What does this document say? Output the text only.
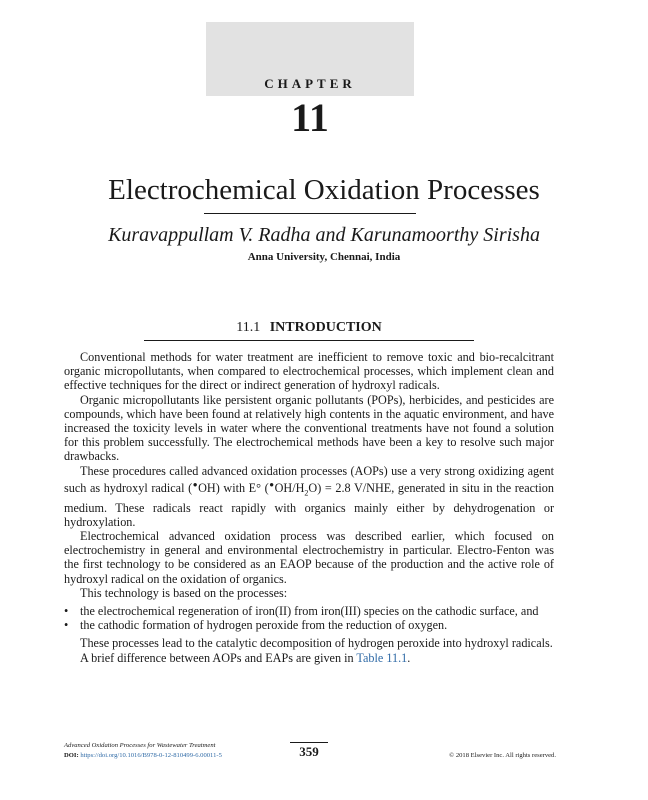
CHAPTER
11
Electrochemical Oxidation Processes
Kuravappullam V. Radha and Karunamoorthy Sirisha
Anna University, Chennai, India
11.1 INTRODUCTION

Conventional methods for water treatment are inefficient to remove toxic and bio-recalcitrant organic micropollutants, when compared to electrochemical processes, which implement clean and effective techniques for the direct or indirect generation of hydroxyl radicals.

Organic micropollutants like persistent organic pollutants (POPs), herbicides, and pesticides are compounds, which have been found at relatively high contents in the aquatic environment, and have increased the toxicity levels in water where the conventional treatments have not found a solution for this problem successfully. The electrochemical methods have been a key to resolve such major drawbacks.

These procedures called advanced oxidation processes (AOPs) use a very strong oxidizing agent such as hydroxyl radical (●OH) with E° $(^●OH/H_2O) = 2.8$ V/NHE, generated in situ in the reaction medium. These radicals react rapidly with organics mainly either by dehydrogenation or hydroxylation.

Electrochemical advanced oxidation process was described earlier, which focused on electrochemistry in general and environmental electrochemistry in particular. Electro-Fenton was the first technology to be considered as an EAOP because of the production and the active role of hydroxyl radical on the oxidation of organics.

This technology is based on the processes:

• the electrochemical regeneration of iron(II) from iron(III) species on the cathodic surface, and
• the cathodic formation of hydrogen peroxide from the reduction of oxygen.

These processes lead to the catalytic decomposition of hydrogen peroxide into hydroxyl radicals.

A brief difference between AOPs and EAPs are given in Table 11.1.

Advanced Oxidation Processes for Wastewater Treatment
DOI: https://doi.org/10.1016/B978-0-12-810499-6.00011-5	359	© 2018 Elsevier Inc. All rights reserved.
